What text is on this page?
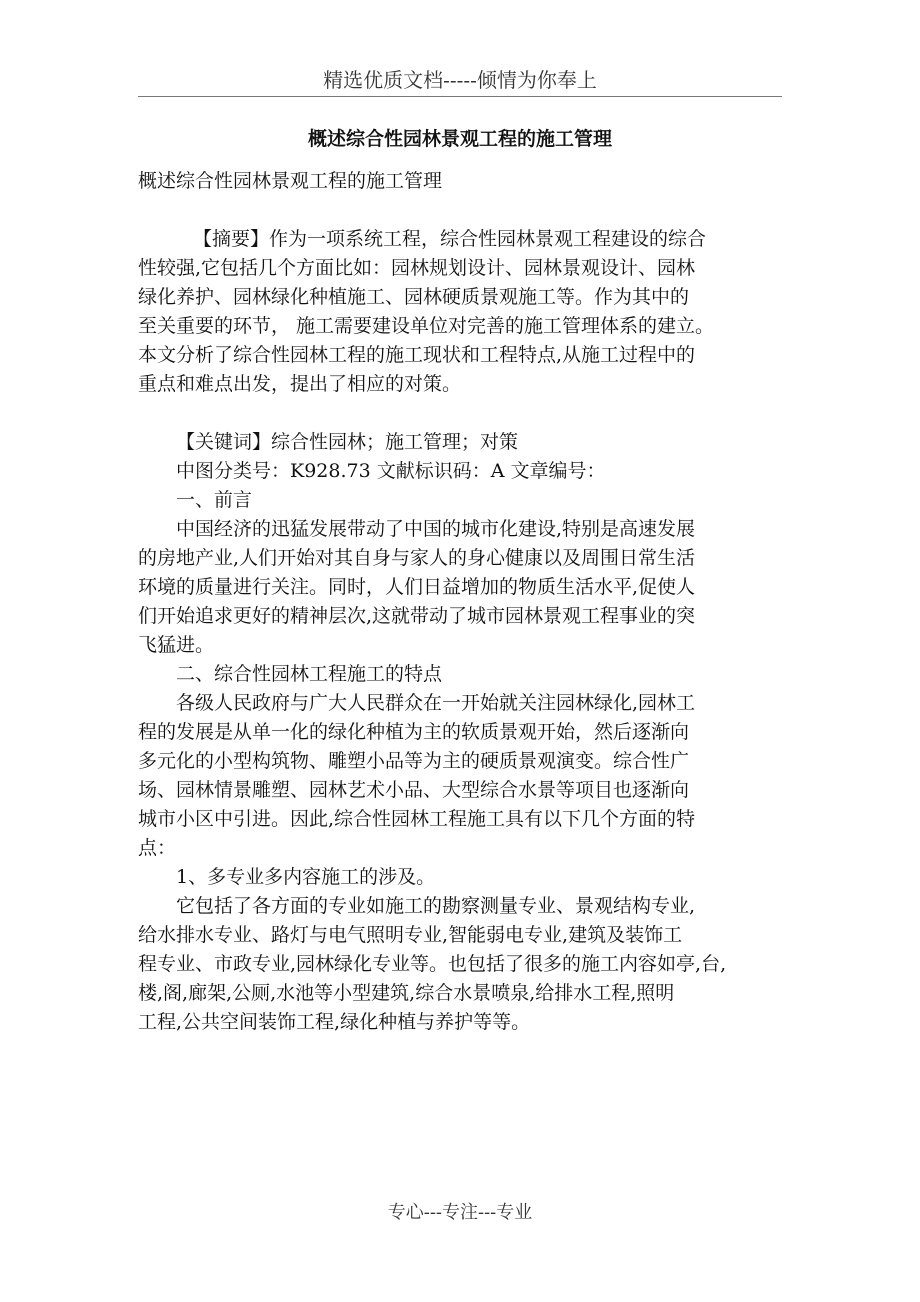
精选优质文档-----倾情为你奉上
概述综合性园林景观工程的施工管理
概述综合性园林景观工程的施工管理
【摘要】作为一项系统工程，综合性园林景观工程建设的综合
性较强,它包括几个方面比如：园林规划设计、园林景观设计、园林
绿化养护、园林绿化种植施工、园林硬质景观施工等。作为其中的
至关重要的环节， 施工需要建设单位对完善的施工管理体系的建立。
本文分析了综合性园林工程的施工现状和工程特点,从施工过程中的
重点和难点出发，提出了相应的对策。
【关键词】综合性园林；施工管理；对策
中图分类号：K928.73 文献标识码：A 文章编号：
一、前言
中国经济的迅猛发展带动了中国的城市化建设,特别是高速发展
的房地产业,人们开始对其自身与家人的身心健康以及周围日常生活
环境的质量进行关注。同时，人们日益增加的物质生活水平,促使人
们开始追求更好的精神层次,这就带动了城市园林景观工程事业的突
飞猛进。
二、综合性园林工程施工的特点
各级人民政府与广大人民群众在一开始就关注园林绿化,园林工
程的发展是从单一化的绿化种植为主的软质景观开始，然后逐渐向
多元化的小型构筑物、雕塑小品等为主的硬质景观演变。综合性广
场、园林情景雕塑、园林艺术小品、大型综合水景等项目也逐渐向
城市小区中引进。因此,综合性园林工程施工具有以下几个方面的特
点：
1、多专业多内容施工的涉及。
它包括了各方面的专业如施工的勘察测量专业、景观结构专业,
给水排水专业、路灯与电气照明专业,智能弱电专业,建筑及装饰工
程专业、市政专业,园林绿化专业等。也包括了很多的施工内容如亭,台,
楼,阁,廊架,公厕,水池等小型建筑,综合水景喷泉,给排水工程,照明
工程,公共空间装饰工程,绿化种植与养护等等。
专心---专注---专业
